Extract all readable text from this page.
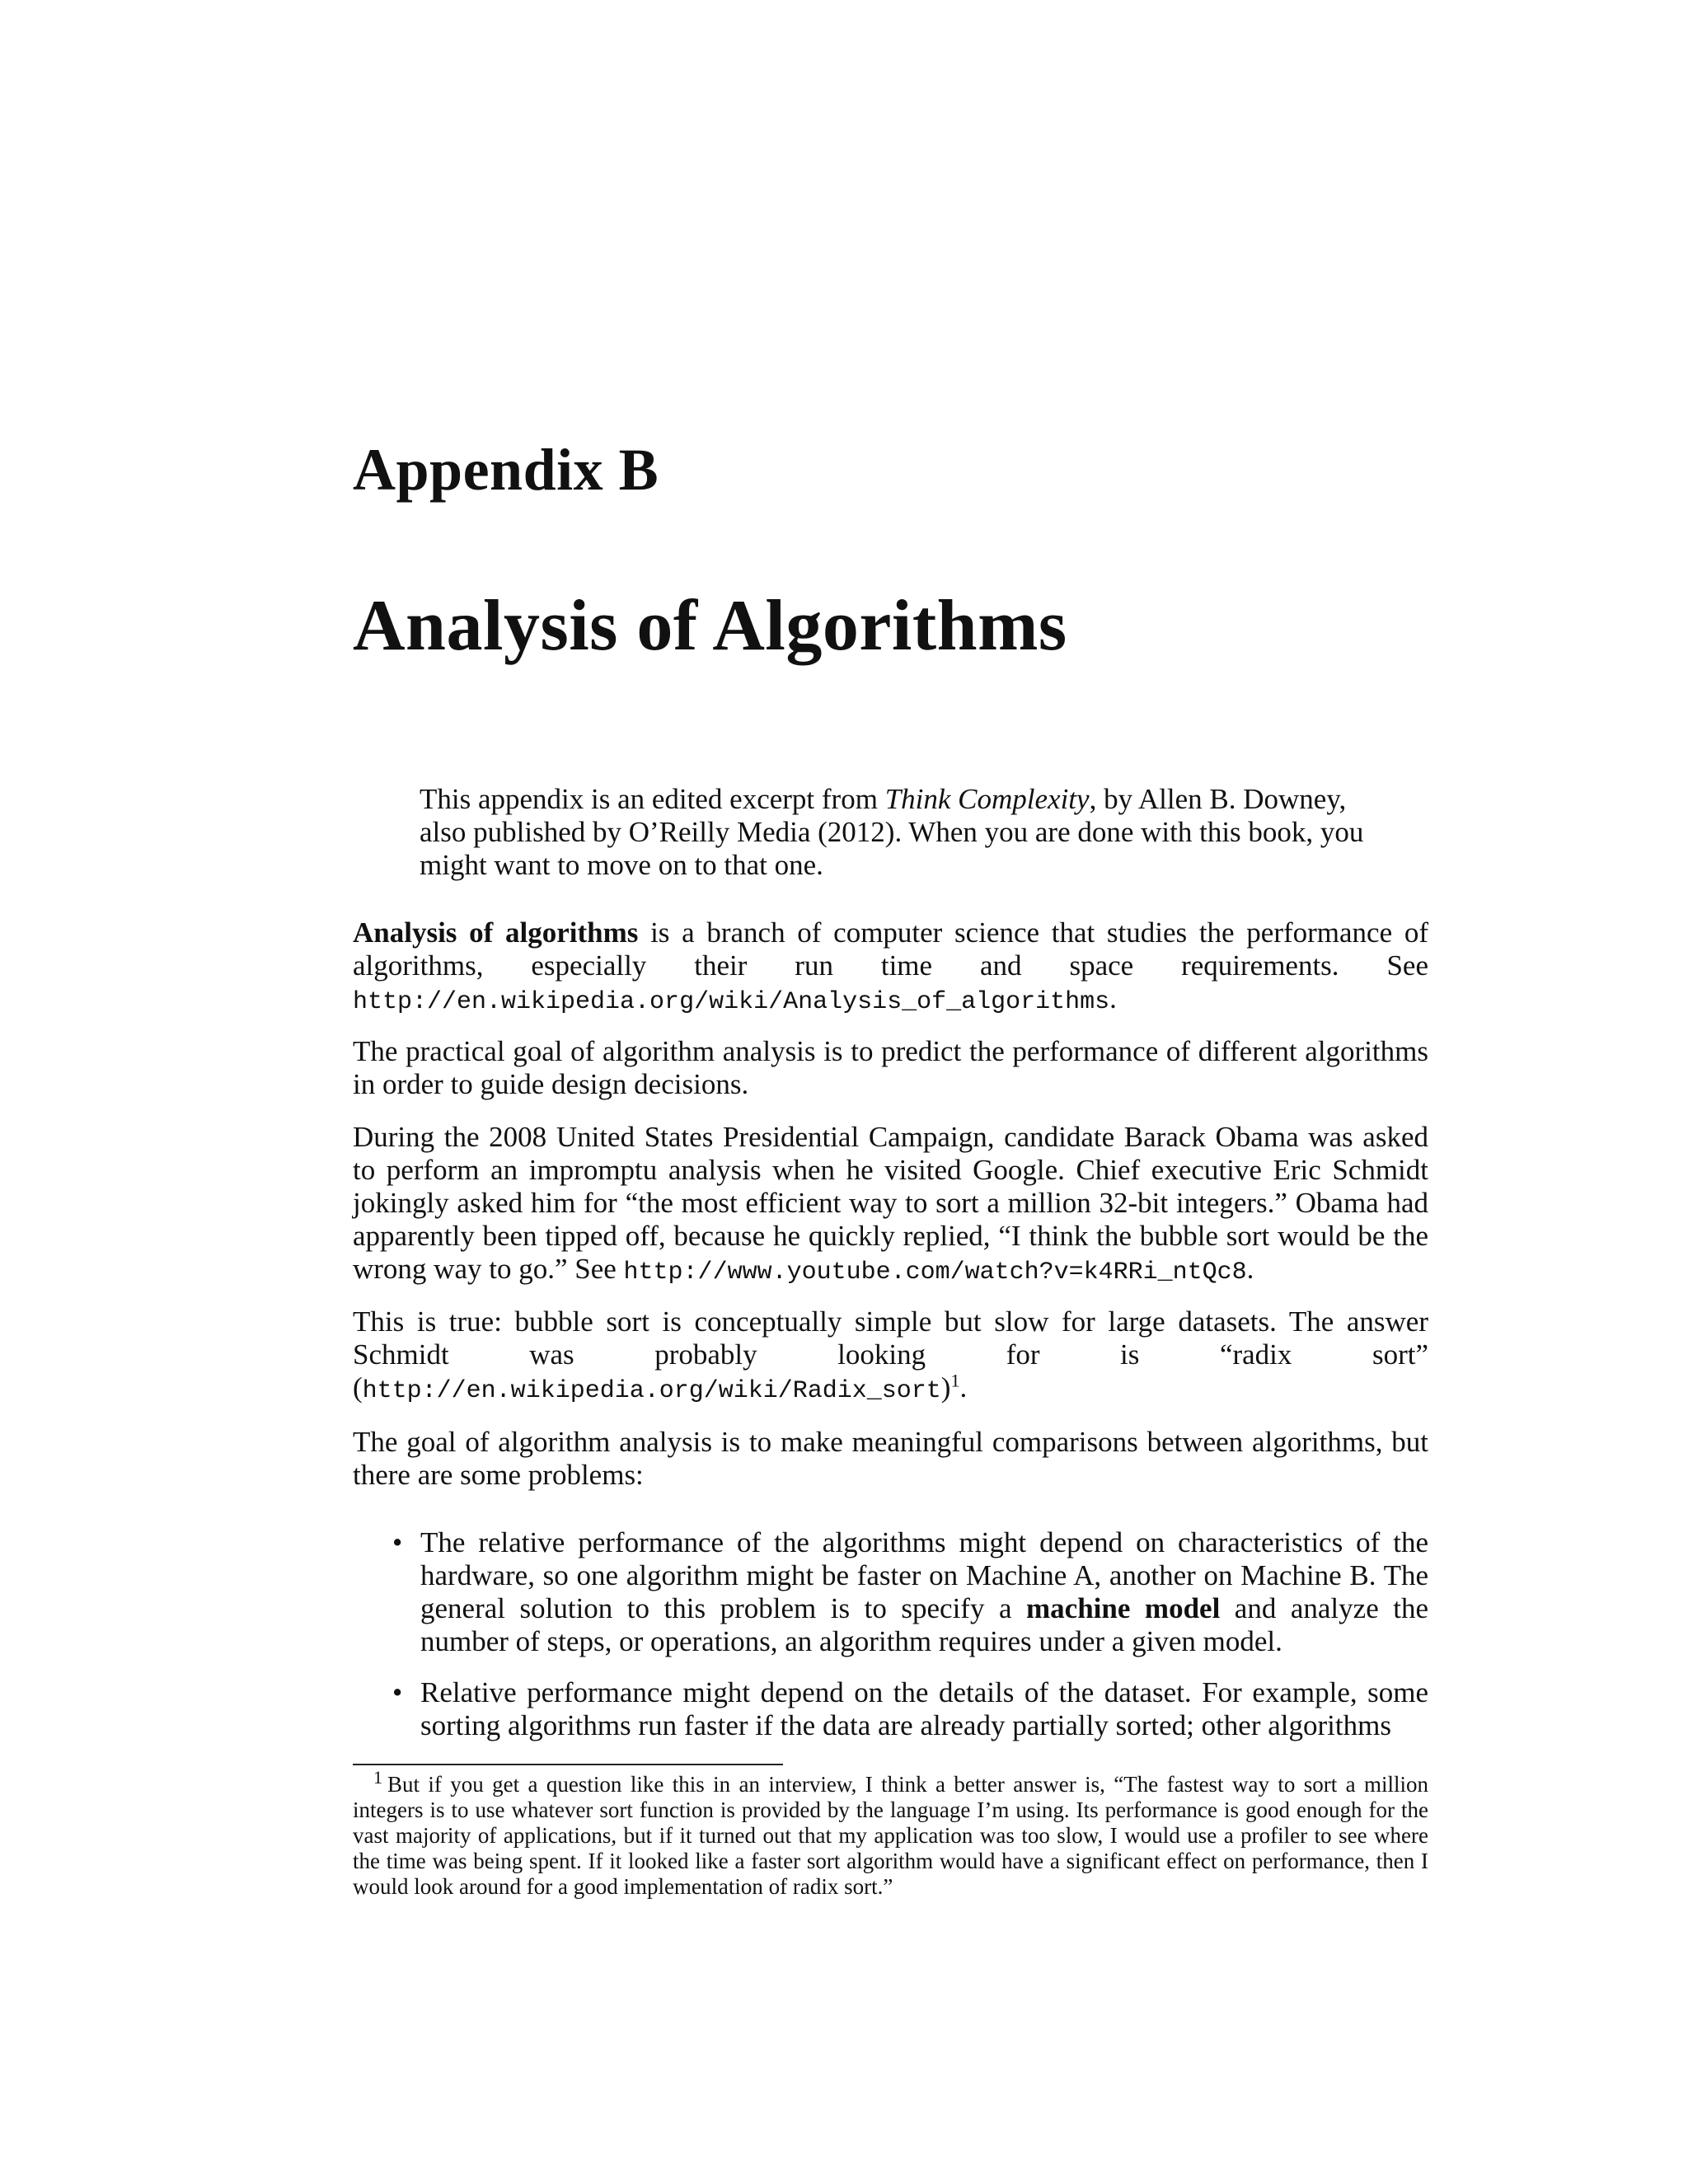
Appendix B
Analysis of Algorithms

This appendix is an edited excerpt from Think Complexity, by Allen B. Downey, also published by O’Reilly Media (2012). When you are done with this book, you might want to move on to that one.

Analysis of algorithms is a branch of computer science that studies the performance of algorithms, especially their run time and space requirements. See http://en.wikipedia.org/wiki/Analysis_of_algorithms.

The practical goal of algorithm analysis is to predict the performance of different algorithms in order to guide design decisions.

During the 2008 United States Presidential Campaign, candidate Barack Obama was asked to perform an impromptu analysis when he visited Google. Chief executive Eric Schmidt jokingly asked him for “the most efficient way to sort a million 32-bit integers.” Obama had apparently been tipped off, because he quickly replied, “I think the bubble sort would be the wrong way to go.” See http://www.youtube.com/watch?v=k4RRi_ntQc8.

This is true: bubble sort is conceptually simple but slow for large datasets. The answer Schmidt was probably looking for is “radix sort” (http://en.wikipedia.org/wiki/Radix_sort)$^1$.

The goal of algorithm analysis is to make meaningful comparisons between algorithms, but there are some problems:

• The relative performance of the algorithms might depend on characteristics of the hardware, so one algorithm might be faster on Machine A, another on Machine B. The general solution to this problem is to specify a machine model and analyze the number of steps, or operations, an algorithm requires under a given model.
• Relative performance might depend on the details of the dataset. For example, some sorting algorithms run faster if the data are already partially sorted; other algorithms

$^1$ But if you get a question like this in an interview, I think a better answer is, “The fastest way to sort a million integers is to use whatever sort function is provided by the language I’m using. Its performance is good enough for the vast majority of applications, but if it turned out that my application was too slow, I would use a profiler to see where the time was being spent. If it looked like a faster sort algorithm would have a significant effect on performance, then I would look around for a good implementation of radix sort.”
